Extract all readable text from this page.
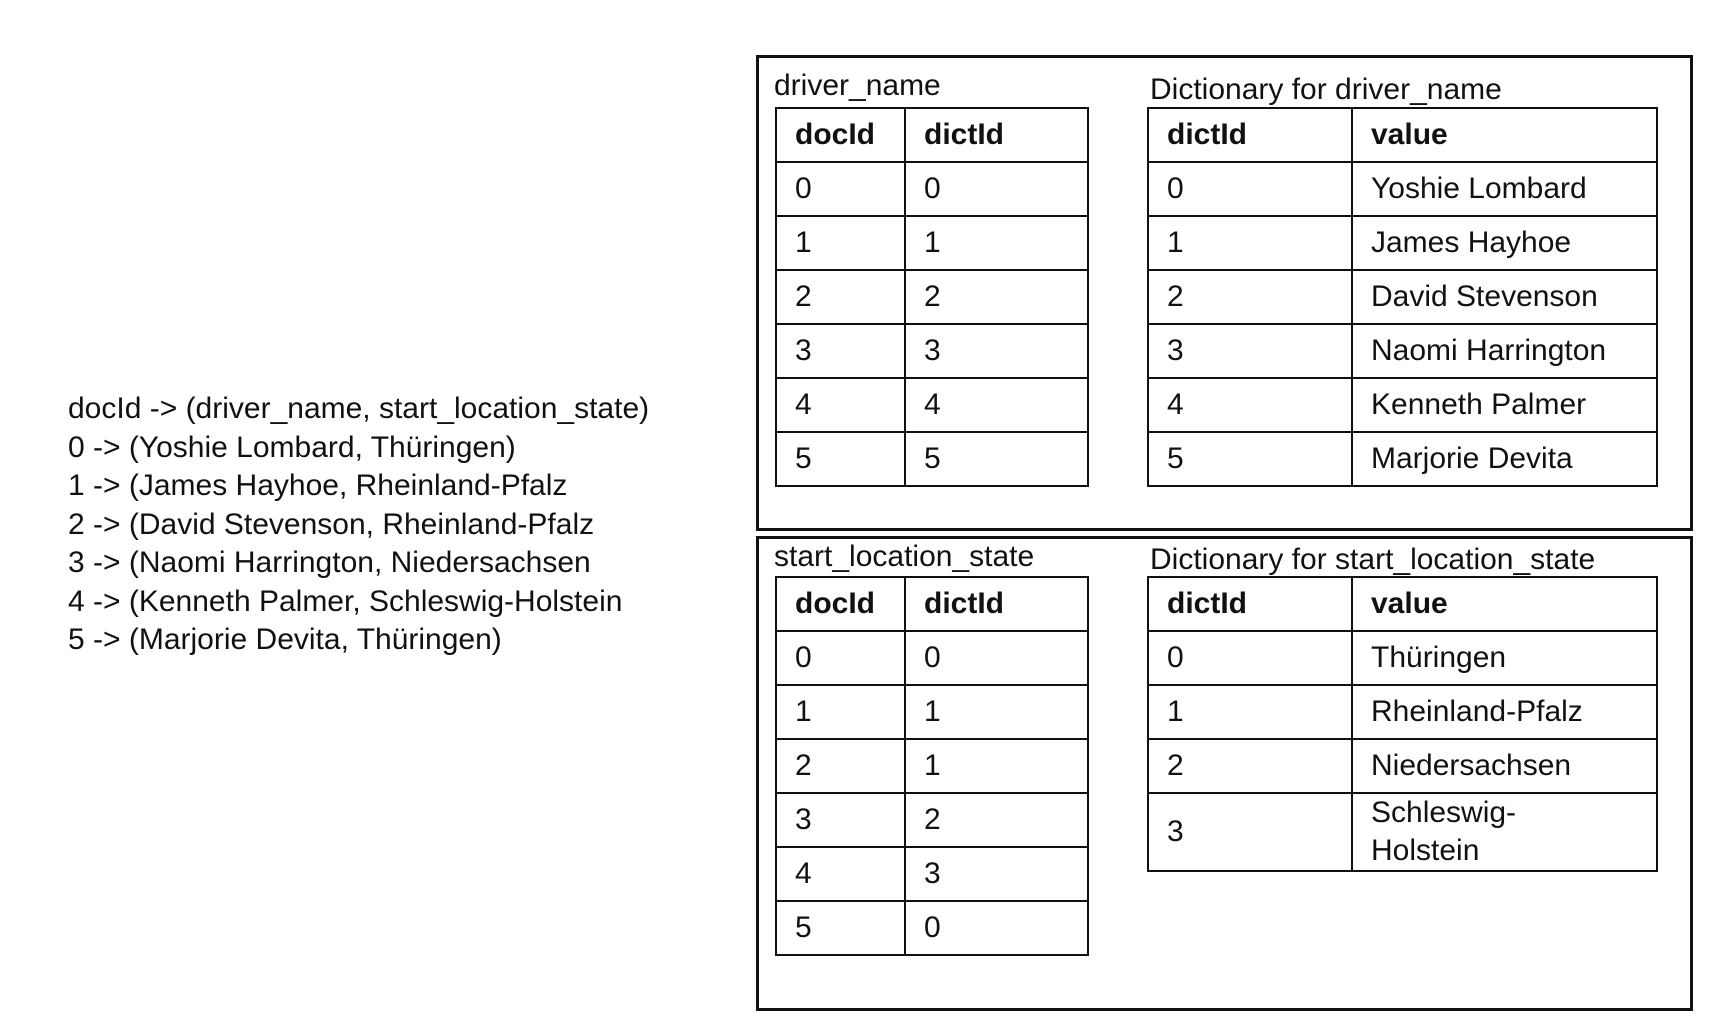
docId -> (driver_name, start_location_state)
0 -> (Yoshie Lombard, Thüringen)
1 -> (James Hayhoe, Rheinland-Pfalz
2 -> (David Stevenson, Rheinland-Pfalz
3 -> (Naomi Harrington, Niedersachsen
4 -> (Kenneth Palmer, Schleswig-Holstein
5 -> (Marjorie Devita, Thüringen)
driver_name
docId	dictId
0	0
1	1
2	2
3	3
4	4
5	5
Dictionary for driver_name
dictId	value
0	Yoshie Lombard
1	James Hayhoe
2	David Stevenson
3	Naomi Harrington
4	Kenneth Palmer
5	Marjorie Devita
start_location_state
docId	dictId
0	0
1	1
2	1
3	2
4	3
5	0
Dictionary for start_location_state
dictId	value
0	Thüringen
1	Rheinland-Pfalz
2	Niedersachsen
3	Schleswig-
Holstein
